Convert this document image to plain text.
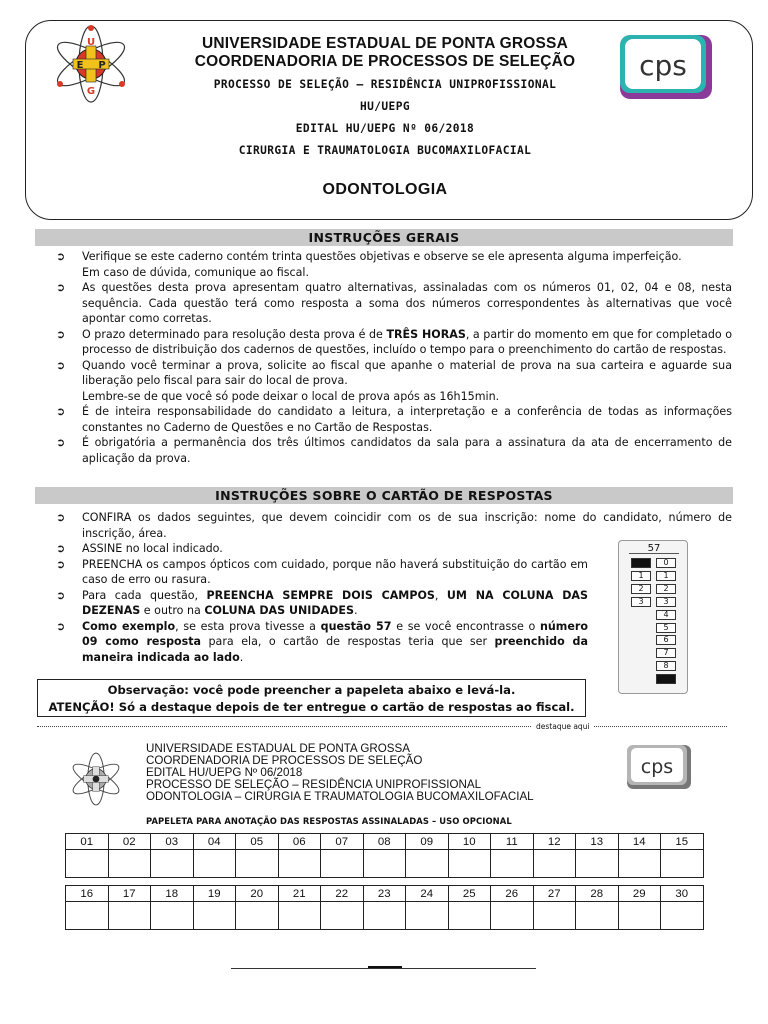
U
E P
G
UNIVERSIDADE ESTADUAL DE PONTA GROSSA
COORDENADORIA DE PROCESSOS DE SELEÇÃO
PROCESSO DE SELEÇÃO – RESIDÊNCIA UNIPROFISSIONAL
HU/UEPG
EDITAL HU/UEPG Nº 06/2018
CIRURGIA E TRAUMATOLOGIA BUCOMAXILOFACIAL
ODONTOLOGIA
cps
INSTRUÇÕES GERAIS
➲ Verifique se este caderno contém trinta questões objetivas e observe se ele apresenta alguma imperfeição.
Em caso de dúvida, comunique ao fiscal.
➲ As questões desta prova apresentam quatro alternativas, assinaladas com os números 01, 02, 04 e 08, nesta sequência. Cada questão terá como resposta a soma dos números correspondentes às alternativas que você apontar como corretas.
➲ O prazo determinado para resolução desta prova é de TRÊS HORAS, a partir do momento em que for completado o processo de distribuição dos cadernos de questões, incluído o tempo para o preenchimento do cartão de respostas.
➲ Quando você terminar a prova, solicite ao fiscal que apanhe o material de prova na sua carteira e aguarde sua liberação pelo fiscal para sair do local de prova.
Lembre-se de que você só pode deixar o local de prova após as 16h15min.
➲ É de inteira responsabilidade do candidato a leitura, a interpretação e a conferência de todas as informações constantes no Caderno de Questões e no Cartão de Respostas.
➲ É obrigatória a permanência dos três últimos candidatos da sala para a assinatura da ata de encerramento de aplicação da prova.
INSTRUÇÕES SOBRE O CARTÃO DE RESPOSTAS
➲ CONFIRA os dados seguintes, que devem coincidir com os de sua inscrição: nome do candidato, número de inscrição, área.
➲ ASSINE no local indicado.
➲ PREENCHA os campos ópticos com cuidado, porque não haverá substituição do cartão em caso de erro ou rasura.
➲ Para cada questão, PREENCHA SEMPRE DOIS CAMPOS, UM NA COLUNA DAS DEZENAS e outro na COLUNA DAS UNIDADES.
➲ Como exemplo, se esta prova tivesse a questão 57 e se você encontrasse o número 09 como resposta para ela, o cartão de respostas teria que ser preenchido da maneira indicada ao lado.
57
1
2
3
0
1
2
3
4
5
6
7
8
Observação: você pode preencher a papeleta abaixo e levá-la.
ATENÇÃO! Só a destaque depois de ter entregue o cartão de respostas ao fiscal.
destaque aqui
UNIVERSIDADE ESTADUAL DE PONTA GROSSA
COORDENADORIA DE PROCESSOS DE SELEÇÃO
EDITAL HU/UEPG Nº 06/2018
PROCESSO DE SELEÇÃO – RESIDÊNCIA UNIPROFISSIONAL
ODONTOLOGIA – CIRURGIA E TRAUMATOLOGIA BUCOMAXILOFACIAL
cps
PAPELETA PARA ANOTAÇÃO DAS RESPOSTAS ASSINALADAS – USO OPCIONAL
01	02	03	04	05	06	07	08	09	10	11	12	13	14	15

16	17	18	19	20	21	22	23	24	25	26	27	28	29	30
